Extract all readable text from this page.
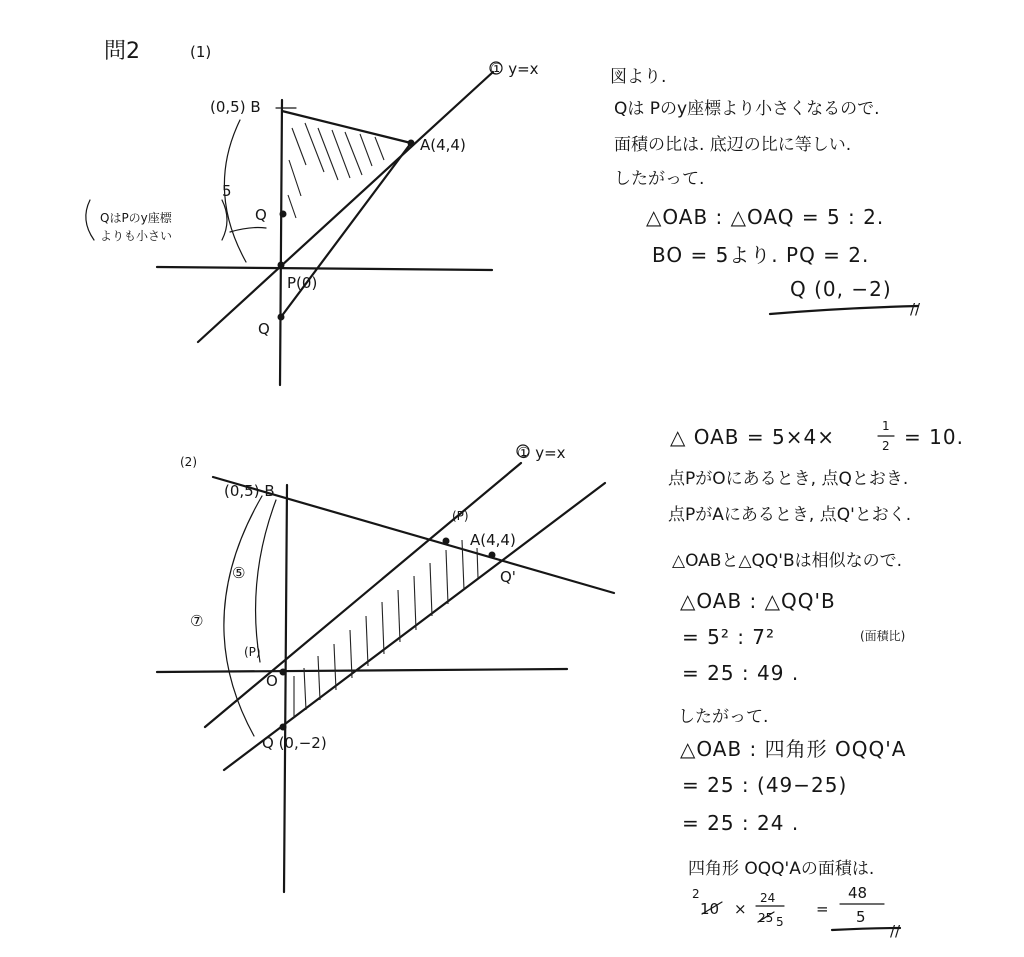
問2	(1)
① y=x
(0,5) B
A(4,4)
P(0)
Q
Q
5
QはPのy座標
よりも小さい
図より.
Qは Pのy座標より小さくなるので.
面積の比は. 底辺の比に等しい.
したがって.
△OAB : △OAQ = 5 : 2.
BO = 5より. PQ = 2.
Q (0, −2)
//
(2)	① y=x
(0,5) B
(P)
A(4,4)
Q'
(P)
O
Q (0,−2)
⑤
⑦
△ OAB = 5×4×	1
2 = 10.
点PがOにあるとき, 点Qとおき.
点PがAにあるとき, 点Q'とおく.
△OABと△QQ'Bは相似なので.
△OAB : △QQ'B
= 5² : 7²	(面積比)
= 25 : 49 .
したがって.
△OAB : 四角形 OQQ'A
= 25 : (49−25)
= 25 : 24 .
四角形 OQQ'Aの面積は.
2
10 ×
24
25 5
=
48
5
//
